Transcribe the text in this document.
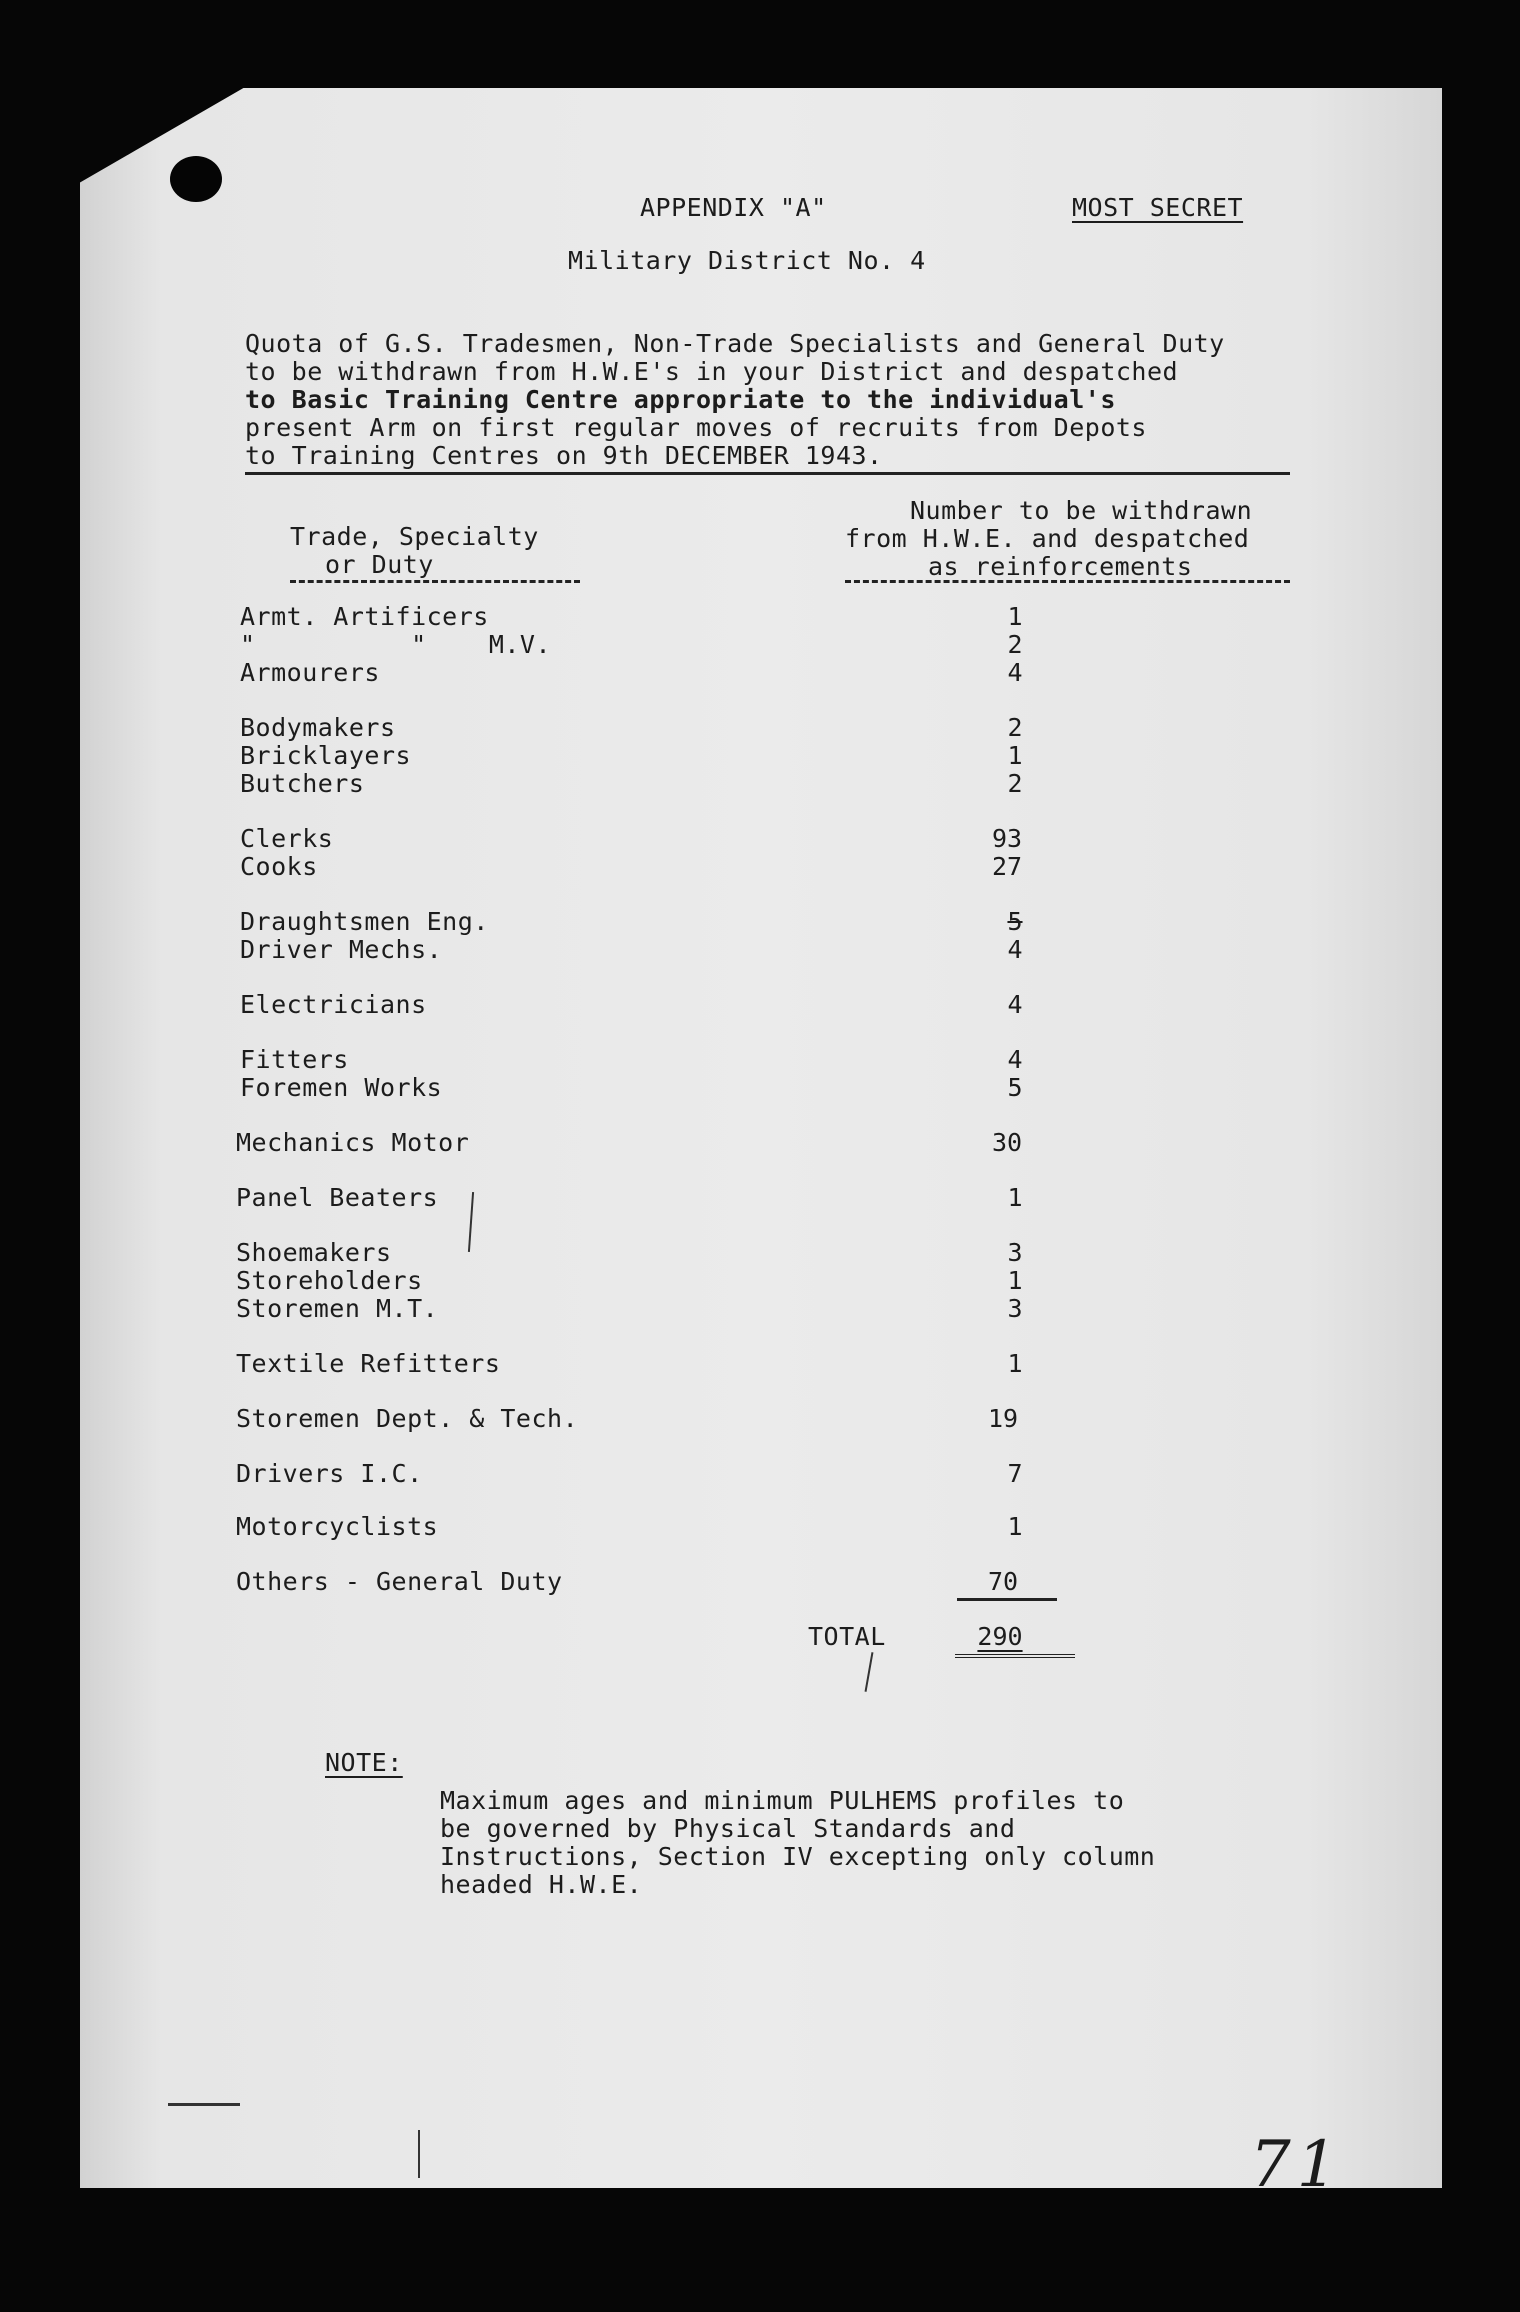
APPENDIX "A"	MOST SECRET
Military District No. 4
Quota of G.S. Tradesmen, Non-Trade Specialists and General Duty
to be withdrawn from H.W.E's in your District and despatched
to Basic Training Centre appropriate to the individual's
present Arm on first regular moves of recruits from Depots
to Training Centres on 9th DECEMBER 1943.
Trade, Specialty
or Duty
Number to be withdrawn
from H.W.E. and despatched
as reinforcements
Armt. Artificers	1
"          "    M.V.	2
Armourers	4
Bodymakers	2
Bricklayers	1
Butchers	2
Clerks	93
Cooks	27
Draughtsmen Eng.	5
Driver Mechs.	4
Electricians	4
Fitters	4
Foremen Works	5
Mechanics Motor	30
Panel Beaters	1
Shoemakers	3
Storeholders	1
Storemen M.T.	3
Textile Refitters	1
Storemen Dept. & Tech.	19
Drivers I.C.	7
Motorcyclists	1
Others - General Duty	70
TOTAL	290
NOTE:
Maximum ages and minimum PULHEMS profiles to
be governed by Physical Standards and
Instructions, Section IV excepting only column
headed H.W.E.
71
